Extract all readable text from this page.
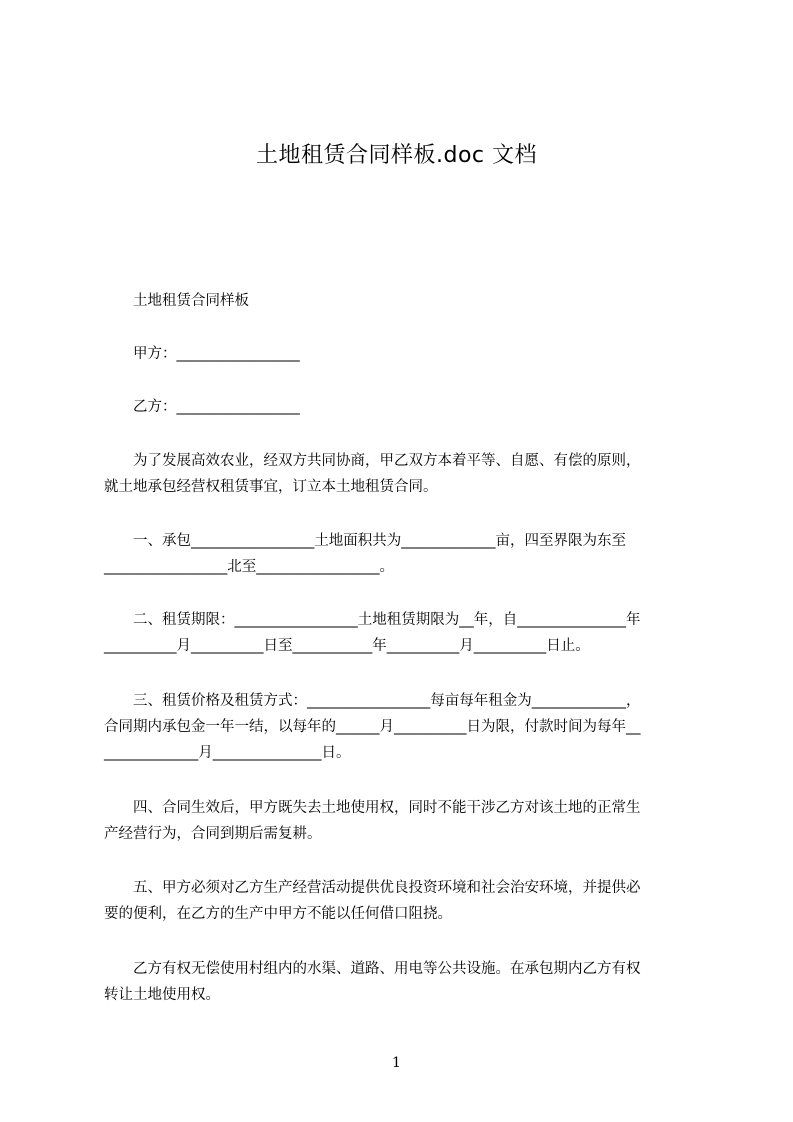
土地租赁合同样板.doc 文档
　　土地租赁合同样板
　　甲方：_________________
　　乙方：_________________
　　为了发展高效农业，经双方共同协商，甲乙双方本着平等、自愿、有偿的原则，
就土地承包经营权租赁事宜，订立本土地租赁合同。
　　一、承包_________________土地面积共为_____________亩，四至界限为东至
_________________北至_________________。
　　二、租赁期限：_________________土地租赁期限为__年，自_______________年
__________月__________日至___________年__________月__________日止。
　　三、租赁价格及租赁方式：_________________每亩每年租金为_____________，
合同期内承包金一年一结，以每年的______月__________日为限，付款时间为每年__
_____________月_______________日。
　　四、合同生效后，甲方既失去土地使用权，同时不能干涉乙方对该土地的正常生
产经营行为，合同到期后需复耕。
　　五、甲方必须对乙方生产经营活动提供优良投资环境和社会治安环境，并提供必
要的便利，在乙方的生产中甲方不能以任何借口阻挠。
　　乙方有权无偿使用村组内的水渠、道路、用电等公共设施。在承包期内乙方有权
转让土地使用权。
1
